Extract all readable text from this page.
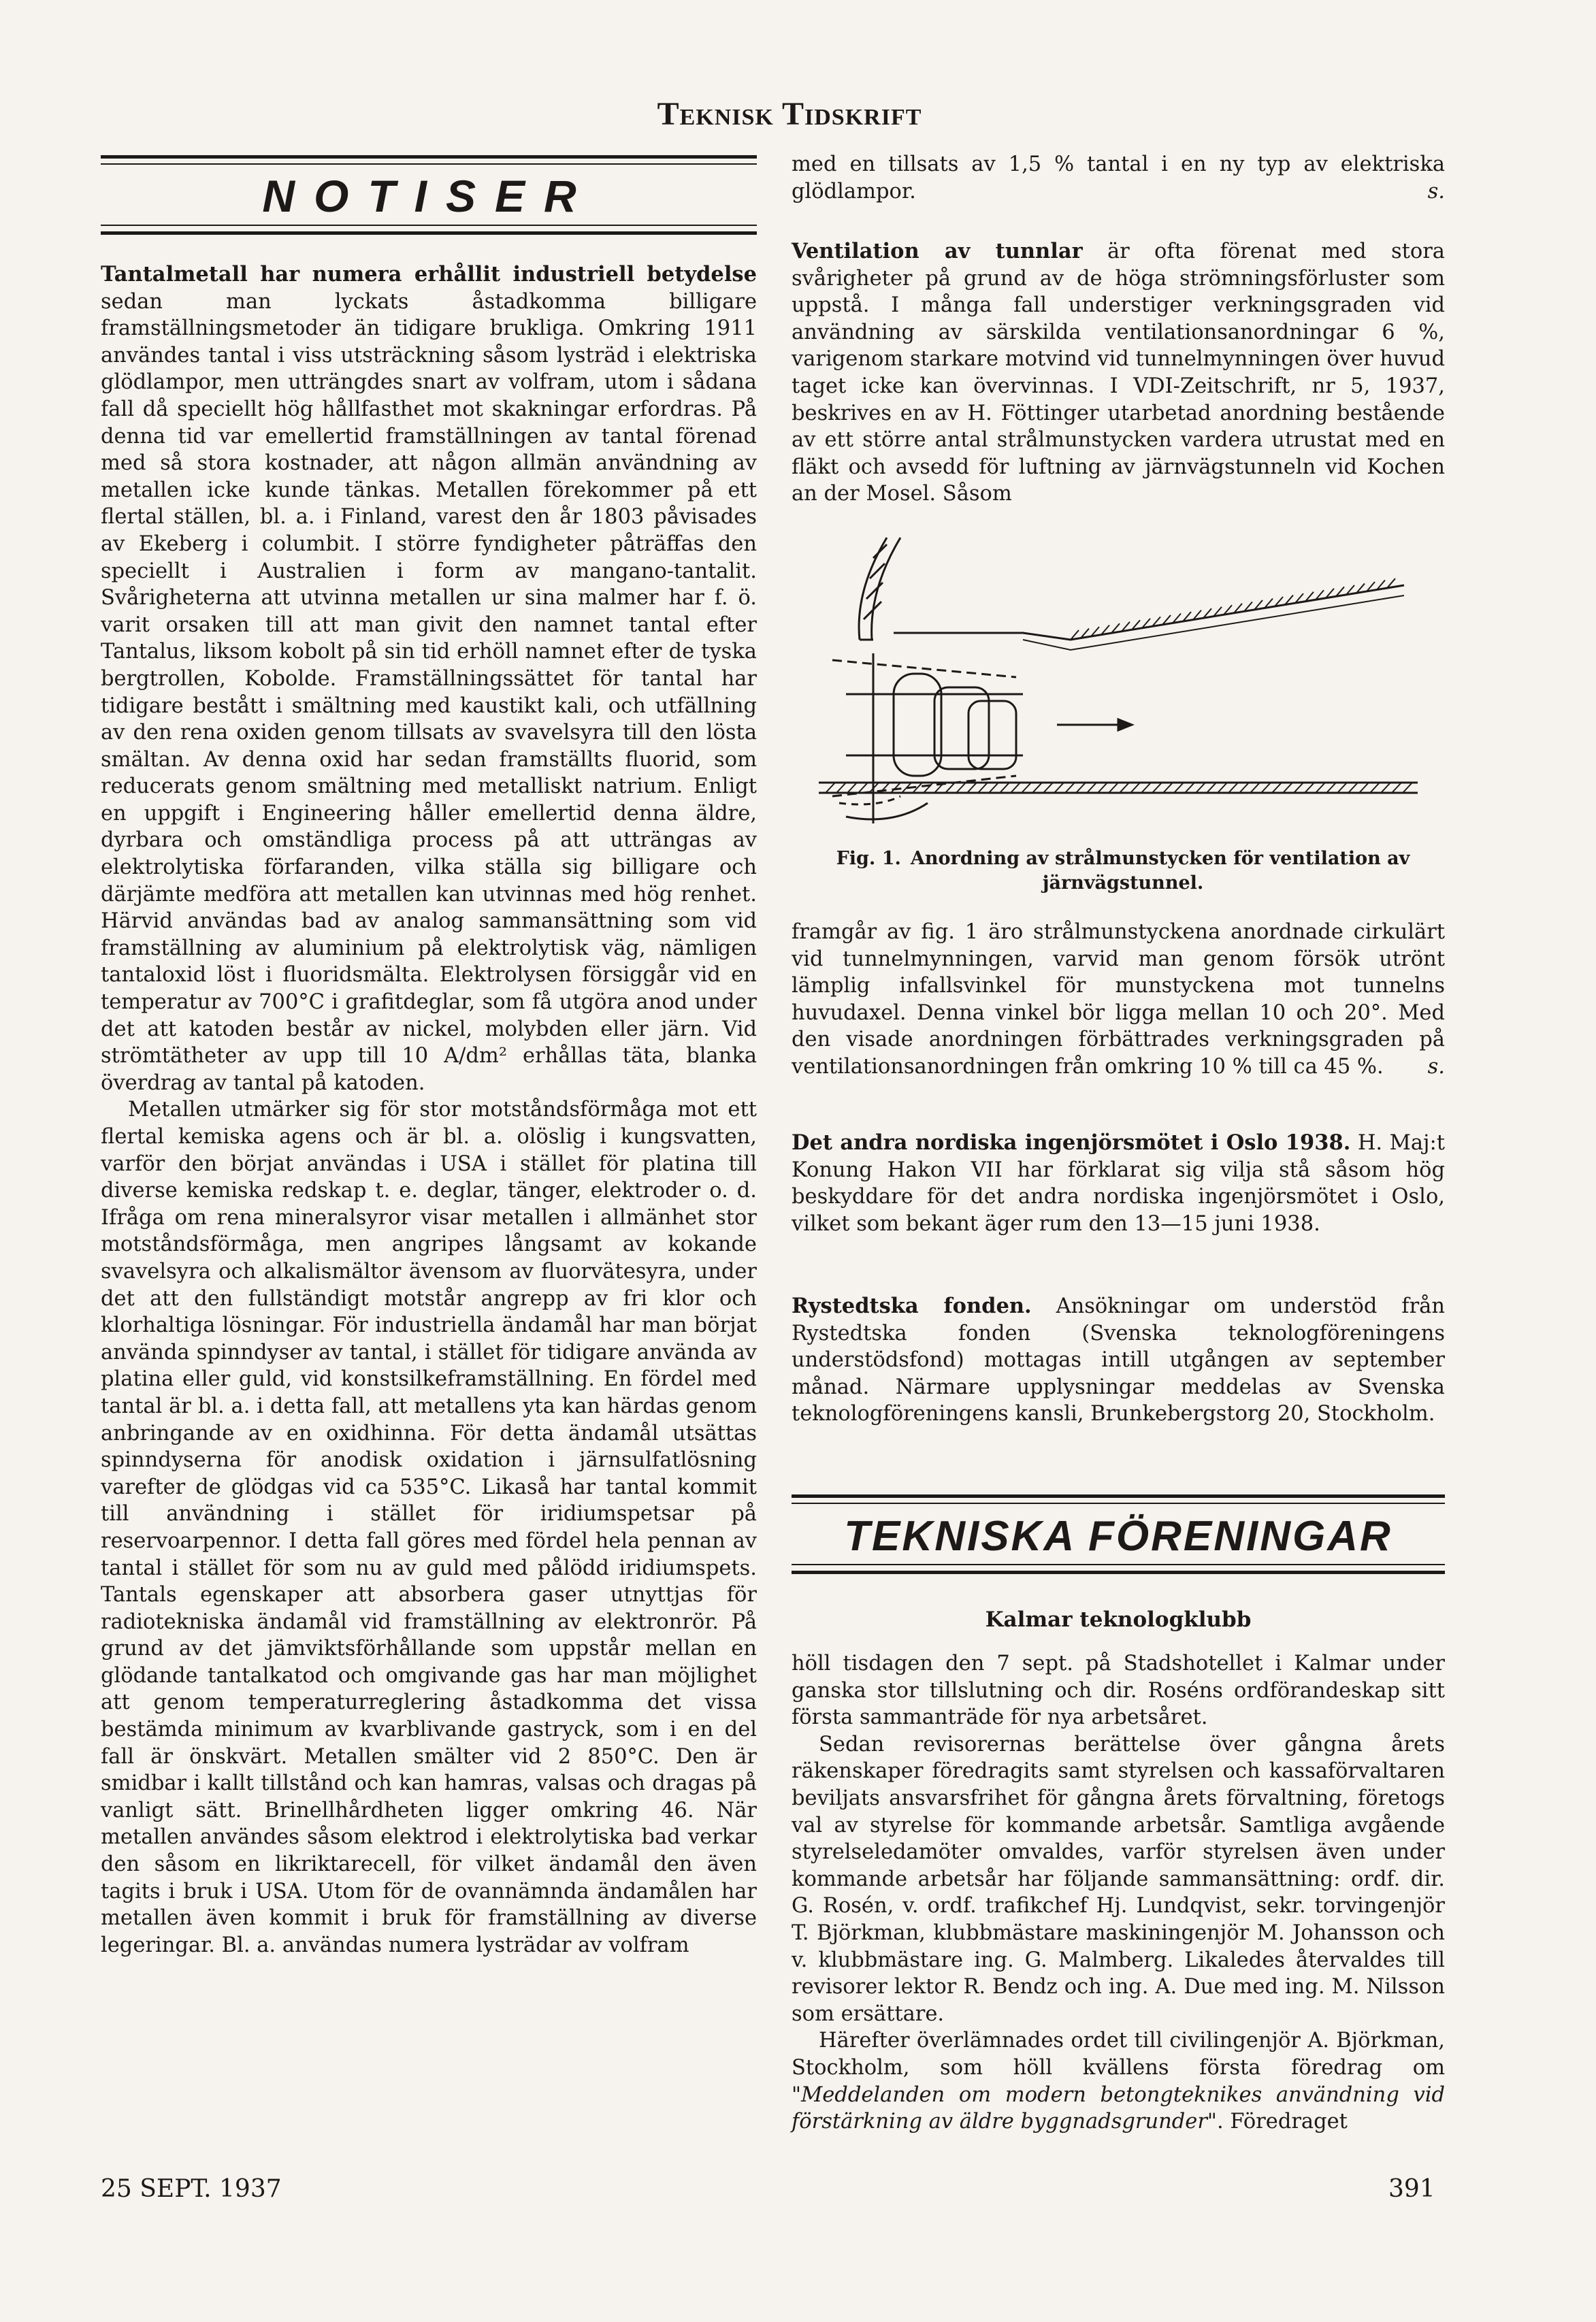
Teknisk Tidskrift
NOTISER

Tantalmetall har numera erhållit industriell betydelse sedan man lyckats åstadkomma billigare framställningsmetoder än tidigare brukliga. Omkring 1911 användes tantal i viss utsträckning såsom lysträd i elektriska glödlampor, men utträngdes snart av volfram, utom i sådana fall då speciellt hög hållfasthet mot skakningar erfordras. På denna tid var emellertid framställningen av tantal förenad med så stora kostnader, att någon allmän användning av metallen icke kunde tänkas. Metallen förekommer på ett flertal ställen, bl. a. i Finland, varest den år 1803 påvisades av Ekeberg i columbit. I större fyndigheter påträffas den speciellt i Australien i form av mangano-tantalit. Svårigheterna att utvinna metallen ur sina malmer har f. ö. varit orsaken till att man givit den namnet tantal efter Tantalus, liksom kobolt på sin tid erhöll namnet efter de tyska bergtrollen, Kobolde. Framställningssättet för tantal har tidigare bestått i smältning med kaustikt kali, och utfällning av den rena oxiden genom tillsats av svavelsyra till den lösta smältan. Av denna oxid har sedan framställts fluorid, som reducerats genom smältning med metalliskt natrium. Enligt en uppgift i Engineering håller emellertid denna äldre, dyrbara och omständliga process på att utträngas av elektrolytiska förfaranden, vilka ställa sig billigare och därjämte medföra att metallen kan utvinnas med hög renhet. Härvid användas bad av analog sammansättning som vid framställning av aluminium på elektrolytisk väg, nämligen tantaloxid löst i fluoridsmälta. Elektrolysen försiggår vid en temperatur av 700°C i grafitdeglar, som få utgöra anod under det att katoden består av nickel, molybden eller järn. Vid strömtätheter av upp till 10 A/dm² erhållas täta, blanka överdrag av tantal på katoden.

Metallen utmärker sig för stor motståndsförmåga mot ett flertal kemiska agens och är bl. a. olöslig i kungsvatten, varför den börjat användas i USA i stället för platina till diverse kemiska redskap t. e. deglar, tänger, elektroder o. d. Ifråga om rena mineralsyror visar metallen i allmänhet stor motståndsförmåga, men angripes långsamt av kokande svavelsyra och alkalismältor ävensom av fluorvätesyra, under det att den fullständigt motstår angrepp av fri klor och klorhaltiga lösningar. För industriella ändamål har man börjat använda spinndyser av tantal, i stället för tidigare använda av platina eller guld, vid konstsilkeframställning. En fördel med tantal är bl. a. i detta fall, att metallens yta kan härdas genom anbringande av en oxidhinna. För detta ändamål utsättas spinndyserna för anodisk oxidation i järnsulfatlösning varefter de glödgas vid ca 535°C. Likaså har tantal kommit till användning i stället för iridiumspetsar på reservoarpennor. I detta fall göres med fördel hela pennan av tantal i stället för som nu av guld med pålödd iridiumspets. Tantals egenskaper att absorbera gaser utnyttjas för radiotekniska ändamål vid framställning av elektronrör. På grund av det jämviktsförhållande som uppstår mellan en glödande tantalkatod och omgivande gas har man möjlighet att genom temperaturreglering åstadkomma det vissa bestämda minimum av kvarblivande gastryck, som i en del fall är önskvärt. Metallen smälter vid 2 850°C. Den är smidbar i kallt tillstånd och kan hamras, valsas och dragas på vanligt sätt. Brinellhårdheten ligger omkring 46. När metallen användes såsom elektrod i elektrolytiska bad verkar den såsom en likriktarecell, för vilket ändamål den även tagits i bruk i USA. Utom för de ovannämnda ändamålen har metallen även kommit i bruk för framställning av diverse legeringar. Bl. a. användas numera lysträdar av volfram

med en tillsats av 1,5 % tantal i en ny typ av elektriska glödlampor.	s.

Ventilation av tunnlar är ofta förenat med stora svårigheter på grund av de höga strömningsförluster som uppstå. I många fall understiger verkningsgraden vid användning av särskilda ventilationsanordningar 6 %, varigenom starkare motvind vid tunnelmynningen över huvud taget icke kan övervinnas. I VDI-Zeitschrift, nr 5, 1937, beskrives en av H. Föttinger utarbetad anordning bestående av ett större antal strålmunstycken vardera utrustat med en fläkt och avsedd för luftning av järnvägstunneln vid Kochen an der Mosel. Såsom

framgår av fig. 1 äro strålmunstyckena anordnade cirkulärt vid tunnelmynningen, varvid man genom försök utrönt lämplig infallsvinkel för munstyckena mot tunnelns huvudaxel. Denna vinkel bör ligga mellan 10 och 20°. Med den visade anordningen förbättrades verkningsgraden på ventilationsanordningen från omkring 10 % till ca 45 %. s.

Det andra nordiska ingenjörsmötet i Oslo 1938. H. Maj:t Konung Hakon VII har förklarat sig vilja stå såsom hög beskyddare för det andra nordiska ingenjörsmötet i Oslo, vilket som bekant äger rum den 13—15 juni 1938.

Rystedtska fonden. Ansökningar om understöd från Rystedtska fonden (Svenska teknologföreningens understödsfond) mottagas intill utgången av september månad. Närmare upplysningar meddelas av Svenska teknologföreningens kansli, Brunkebergstorg 20, Stockholm.

TEKNISKA FÖRENINGAR
Kalmar teknologklubb

höll tisdagen den 7 sept. på Stadshotellet i Kalmar under ganska stor tillslutning och dir. Roséns ordförandeskap sitt första sammanträde för nya arbetsåret.

Sedan revisorernas berättelse över gångna årets räkenskaper föredragits samt styrelsen och kassaförvaltaren beviljats ansvarsfrihet för gångna årets förvaltning, företogs val av styrelse för kommande arbetsår. Samtliga avgående styrelseledamöter omvaldes, varför styrelsen även under kommande arbetsår har följande sammansättning: ordf. dir. G. Rosén, v. ordf. trafikchef Hj. Lundqvist, sekr. torvingenjör T. Björkman, klubbmästare maskiningenjör M. Johansson och v. klubbmästare ing. G. Malmberg. Likaledes återvaldes till revisorer lektor R. Bendz och ing. A. Due med ing. M. Nilsson som ersättare.

Härefter överlämnades ordet till civilingenjör A. Björkman, Stockholm, som höll kvällens första föredrag om "Meddelanden om modern betongteknikes användning vid förstärkning av äldre byggnadsgrunder". Föredraget

Fig. 1. Anordning av strålmunstycken för ventilation av järnvägstunnel.
25 SEPT. 1937	391
